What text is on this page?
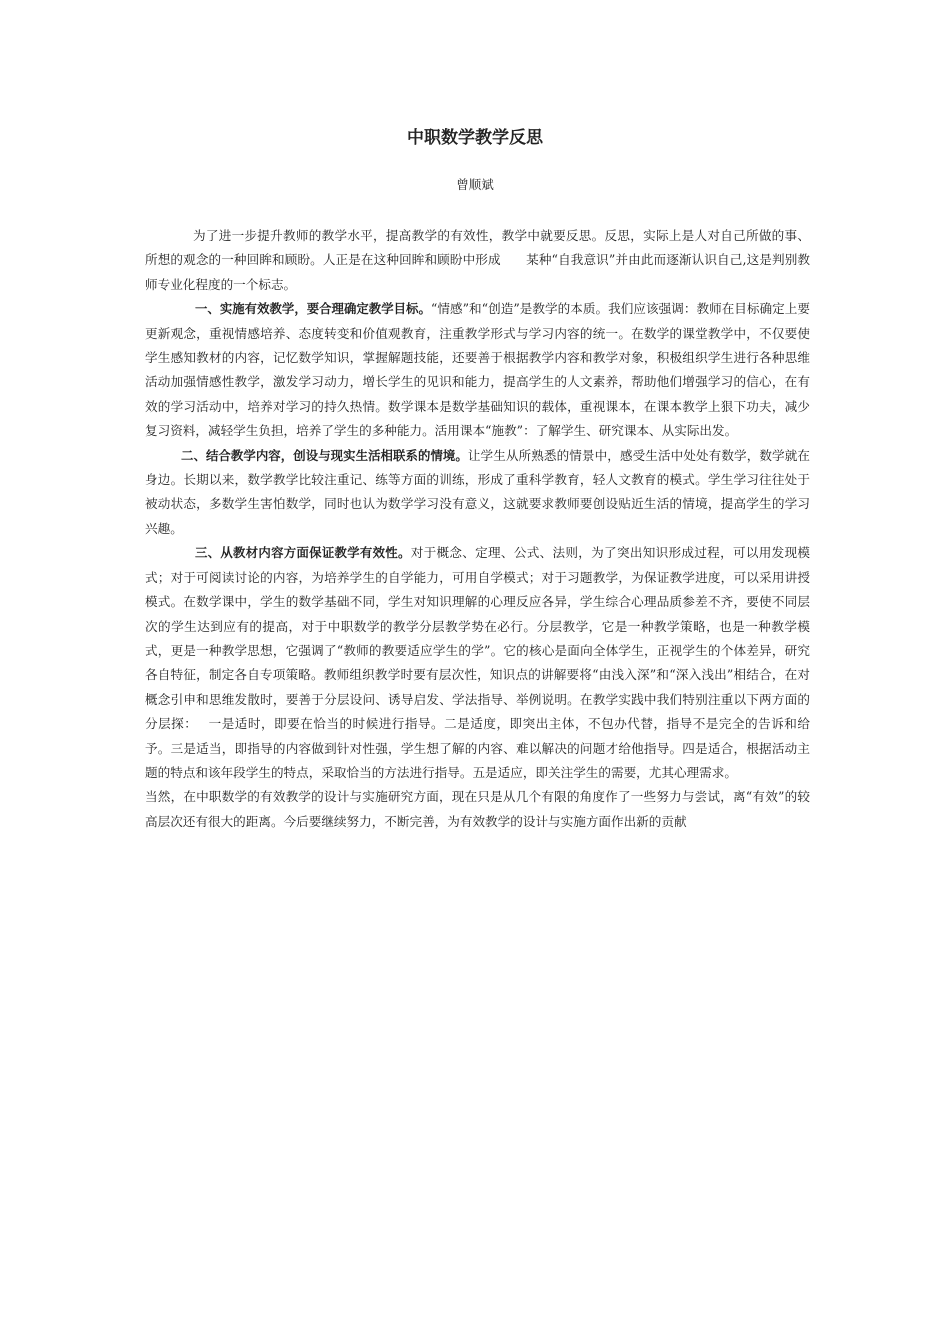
中职数学教学反思

曾顺斌

为了进一步提升教师的教学水平，提高教学的有效性，教学中就要反思。反思，实际上是人对自己所做的事、所想的观念的一种回眸和顾盼。人正是在这种回眸和顾盼中形成　　某种“自我意识”并由此而逐渐认识自己,这是判别教师专业化程度的一个标志。

一、实施有效教学，要合理确定教学目标。“情感”和“创造”是教学的本质。我们应该强调：教师在目标确定上要更新观念，重视情感培养、态度转变和价值观教育，注重教学形式与学习内容的统一。在数学的课堂教学中，不仅要使学生感知教材的内容，记忆数学知识，掌握解题技能，还要善于根据教学内容和教学对象，积极组织学生进行各种思维活动加强情感性教学，激发学习动力，增长学生的见识和能力，提高学生的人文素养，帮助他们增强学习的信心，在有效的学习活动中，培养对学习的持久热情。数学课本是数学基础知识的载体，重视课本，在课本教学上狠下功夫，减少复习资料，减轻学生负担，培养了学生的多种能力。活用课本“施教”：了解学生、研究课本、从实际出发。

二、结合教学内容，创设与现实生活相联系的情境。让学生从所熟悉的情景中，感受生活中处处有数学，数学就在身边。长期以来，数学教学比较注重记、练等方面的训练，形成了重科学教育，轻人文教育的模式。学生学习往往处于被动状态，多数学生害怕数学，同时也认为数学学习没有意义，这就要求教师要创设贴近生活的情境，提高学生的学习兴趣。

三、从教材内容方面保证教学有效性。对于概念、定理、公式、法则，为了突出知识形成过程，可以用发现模式；对于可阅读讨论的内容，为培养学生的自学能力，可用自学模式；对于习题教学，为保证教学进度，可以采用讲授模式。在数学课中，学生的数学基础不同，学生对知识理解的心理反应各异，学生综合心理品质参差不齐，要使不同层次的学生达到应有的提高，对于中职数学的教学分层教学势在必行。分层教学，它是一种教学策略，也是一种教学模式，更是一种教学思想，它强调了“教师的教要适应学生的学”。它的核心是面向全体学生，正视学生的个体差异，研究各自特征，制定各自专项策略。教师组织教学时要有层次性，知识点的讲解要将“由浅入深”和“深入浅出”相结合，在对概念引申和思维发散时，要善于分层设问、诱导启发、学法指导、举例说明。在教学实践中我们特别注重以下两方面的分层探：　 一是适时，即要在恰当的时候进行指导。二是适度，即突出主体，不包办代替，指导不是完全的告诉和给予。三是适当，即指导的内容做到针对性强，学生想了解的内容、难以解决的问题才给他指导。四是适合，根据活动主题的特点和该年段学生的特点，采取恰当的方法进行指导。五是适应，即关注学生的需要，尤其心理需求。

当然，在中职数学的有效教学的设计与实施研究方面，现在只是从几个有限的角度作了一些努力与尝试，离“有效”的较高层次还有很大的距离。今后要继续努力，不断完善，为有效教学的设计与实施方面作出新的贡献
